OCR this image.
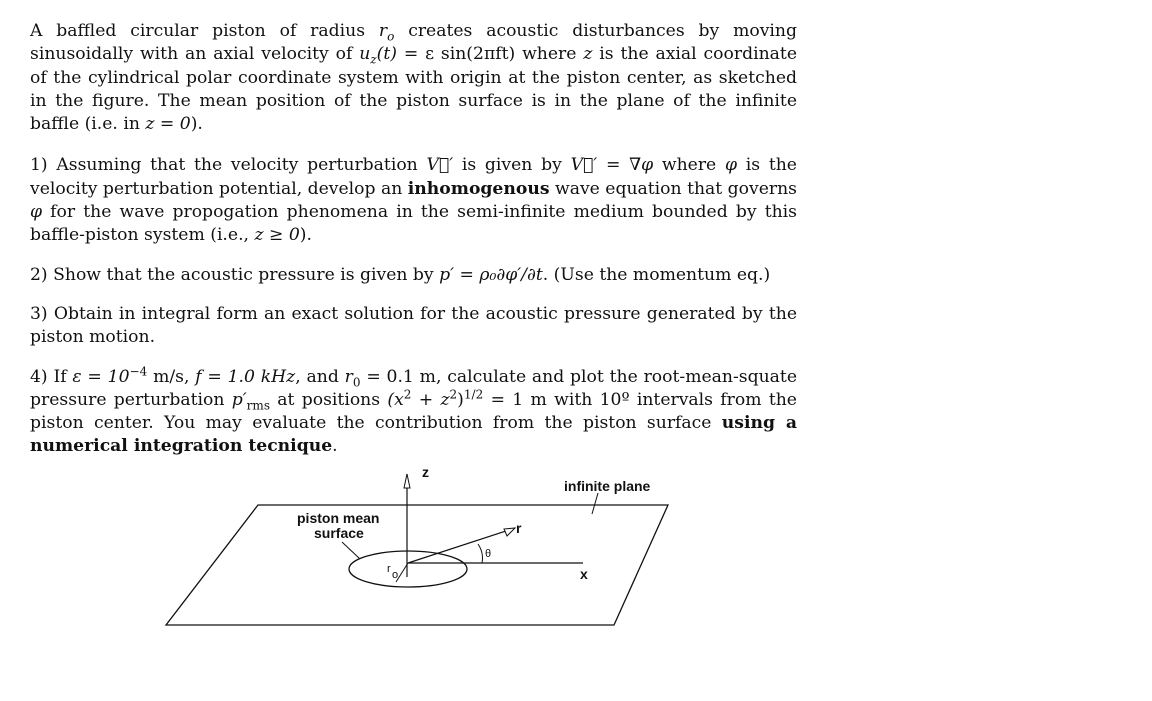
A baffled circular piston of radius $r_o$ creates acoustic disturbances by moving sinusoidally with an axial velocity of $u_z(t) = \varepsilon$ sin(2πft) where z is the axial coordinate of the cylindrical polar coordinate system with origin at the piston center, as sketched in the figure. The mean position of the piston surface is in the plane of the infinite baffle (i.e. in z = 0).

1) Assuming that the velocity perturbation V⃗′ is given by V⃗′ = ∇φ where φ is the velocity perturbation potential, develop an inhomogenous wave equation that governs φ for the wave propogation phenomena in the semi-infinite medium bounded by this baffle-piston system (i.e., z ≥ 0).

2) Show that the acoustic pressure is given by p′ = ρ₀∂φ′/∂t. (Use the momentum eq.)

3) Obtain in integral form an exact solution for the acoustic pressure generated by the piston motion.

4) If $\varepsilon = 10^{-4}$ m/s, f = 1.0 kHz, and $r_0 = 0.1$ m, calculate and plot the root-mean-squate pressure perturbation $p'_{rms}$ at positions $(x^2 + z^2)^{1/2} = 1$ m with 10º intervals from the piston center. You may evaluate the contribution from the piston surface using a numerical integration tecnique.

z
x
r
θ
r o
infinite plane
piston mean
surface
